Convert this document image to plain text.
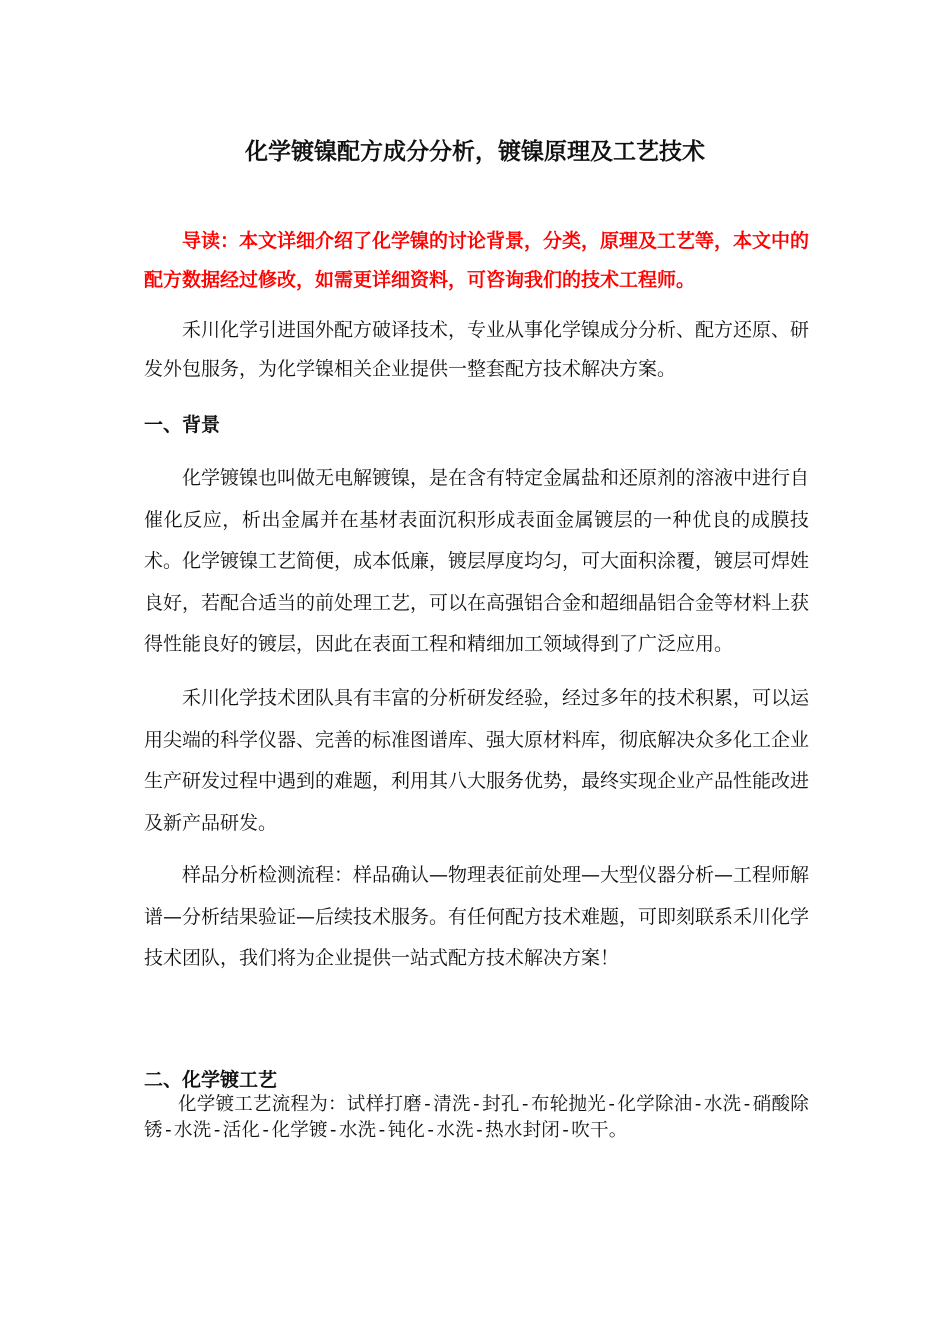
化学镀镍配方成分分析，镀镍原理及工艺技术

导读：本文详细介绍了化学镍的讨论背景，分类，原理及工艺等，本文中的配方数据经过修改，如需更详细资料，可咨询我们的技术工程师。

禾川化学引进国外配方破译技术，专业从事化学镍成分分析、配方还原、研发外包服务，为化学镍相关企业提供一整套配方技术解决方案。

一、背景

化学镀镍也叫做无电解镀镍，是在含有特定金属盐和还原剂的溶液中进行自催化反应，析出金属并在基材表面沉积形成表面金属镀层的一种优良的成膜技术。化学镀镍工艺简便，成本低廉，镀层厚度均匀，可大面积涂覆，镀层可焊姓良好，若配合适当的前处理工艺，可以在高强铝合金和超细晶铝合金等材料上获得性能良好的镀层，因此在表面工程和精细加工领域得到了广泛应用。

禾川化学技术团队具有丰富的分析研发经验，经过多年的技术积累，可以运用尖端的科学仪器、完善的标准图谱库、强大原材料库，彻底解决众多化工企业生产研发过程中遇到的难题，利用其八大服务优势，最终实现企业产品性能改进及新产品研发。

样品分析检测流程：样品确认—物理表征前处理—大型仪器分析—工程师解谱—分析结果验证—后续技术服务。有任何配方技术难题，可即刻联系禾川化学技术团队，我们将为企业提供一站式配方技术解决方案！

二、化学镀工艺

化学镀工艺流程为：试样打磨-清洗-封孔-布轮抛光-化学除油-水洗-硝酸除锈-水洗-活化-化学镀-水洗-钝化-水洗-热水封闭-吹干。
